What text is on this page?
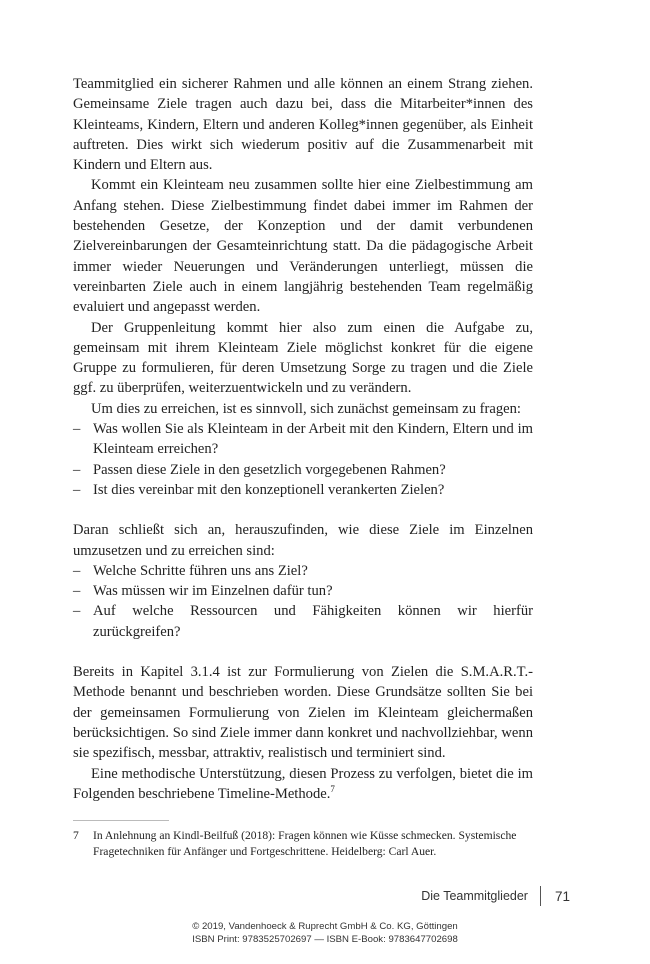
Teammitglied ein sicherer Rahmen und alle können an einem Strang ziehen. Gemeinsame Ziele tragen auch dazu bei, dass die Mitarbeiter*innen des Kleinteams, Kindern, Eltern und anderen Kolleg*innen gegenüber, als Einheit auftreten. Dies wirkt sich wiederum positiv auf die Zusammenarbeit mit Kindern und Eltern aus.

Kommt ein Kleinteam neu zusammen sollte hier eine Zielbestimmung am Anfang stehen. Diese Zielbestimmung findet dabei immer im Rahmen der bestehenden Gesetze, der Konzeption und der damit verbundenen Zielvereinbarungen der Gesamteinrichtung statt. Da die pädagogische Arbeit immer wieder Neuerungen und Veränderungen unterliegt, müssen die vereinbarten Ziele auch in einem langjährig bestehenden Team regelmäßig evaluiert und angepasst werden.

Der Gruppenleitung kommt hier also zum einen die Aufgabe zu, gemeinsam mit ihrem Kleinteam Ziele möglichst konkret für die eigene Gruppe zu formulieren, für deren Umsetzung Sorge zu tragen und die Ziele ggf. zu überprüfen, weiterzuentwickeln und zu verändern.

Um dies zu erreichen, ist es sinnvoll, sich zunächst gemeinsam zu fragen:

– Was wollen Sie als Kleinteam in der Arbeit mit den Kindern, Eltern und im Kleinteam erreichen?
– Passen diese Ziele in den gesetzlich vorgegebenen Rahmen?
– Ist dies vereinbar mit den konzeptionell verankerten Zielen?

Daran schließt sich an, herauszufinden, wie diese Ziele im Einzelnen umzusetzen und zu erreichen sind:

– Welche Schritte führen uns ans Ziel?
– Was müssen wir im Einzelnen dafür tun?
– Auf welche Ressourcen und Fähigkeiten können wir hierfür zurückgreifen?

Bereits in Kapitel 3.1.4 ist zur Formulierung von Zielen die S.M.A.R.T.-Methode benannt und beschrieben worden. Diese Grundsätze sollten Sie bei der gemeinsamen Formulierung von Zielen im Kleinteam gleichermaßen berücksichtigen. So sind Ziele immer dann konkret und nachvollziehbar, wenn sie spezifisch, messbar, attraktiv, realistisch und terminiert sind.

Eine methodische Unterstützung, diesen Prozess zu verfolgen, bietet die im Folgenden beschriebene Timeline-Methode.$^7$

7 In Anlehnung an Kindl-Beilfuß (2018): Fragen können wie Küsse schmecken. Systemische Fragetechniken für Anfänger und Fortgeschrittene. Heidelberg: Carl Auer.
Die Teammitglieder 71
© 2019, Vandenhoeck & Ruprecht GmbH & Co. KG, Göttingen
ISBN Print: 9783525702697 — ISBN E-Book: 9783647702698
